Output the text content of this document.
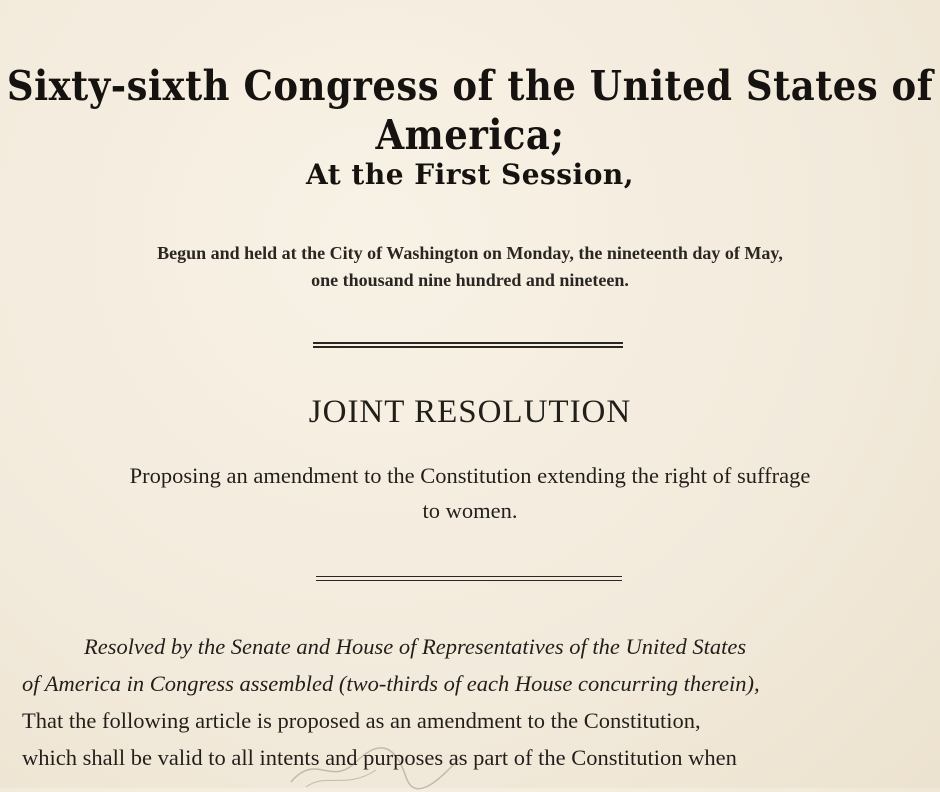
Sixty-sixth Congress of the United States of America;
At the First Session,
Begun and held at the City of Washington on Monday, the nineteenth day of May,
one thousand nine hundred and nineteen.
JOINT RESOLUTION
Proposing an amendment to the Constitution extending the right of suffrage
to women.
Resolved by the Senate and House of Representatives of the United States
of America in Congress assembled (two-thirds of each House concurring therein),
That the following article is proposed as an amendment to the Constitution,
which shall be valid to all intents and purposes as part of the Constitution when
